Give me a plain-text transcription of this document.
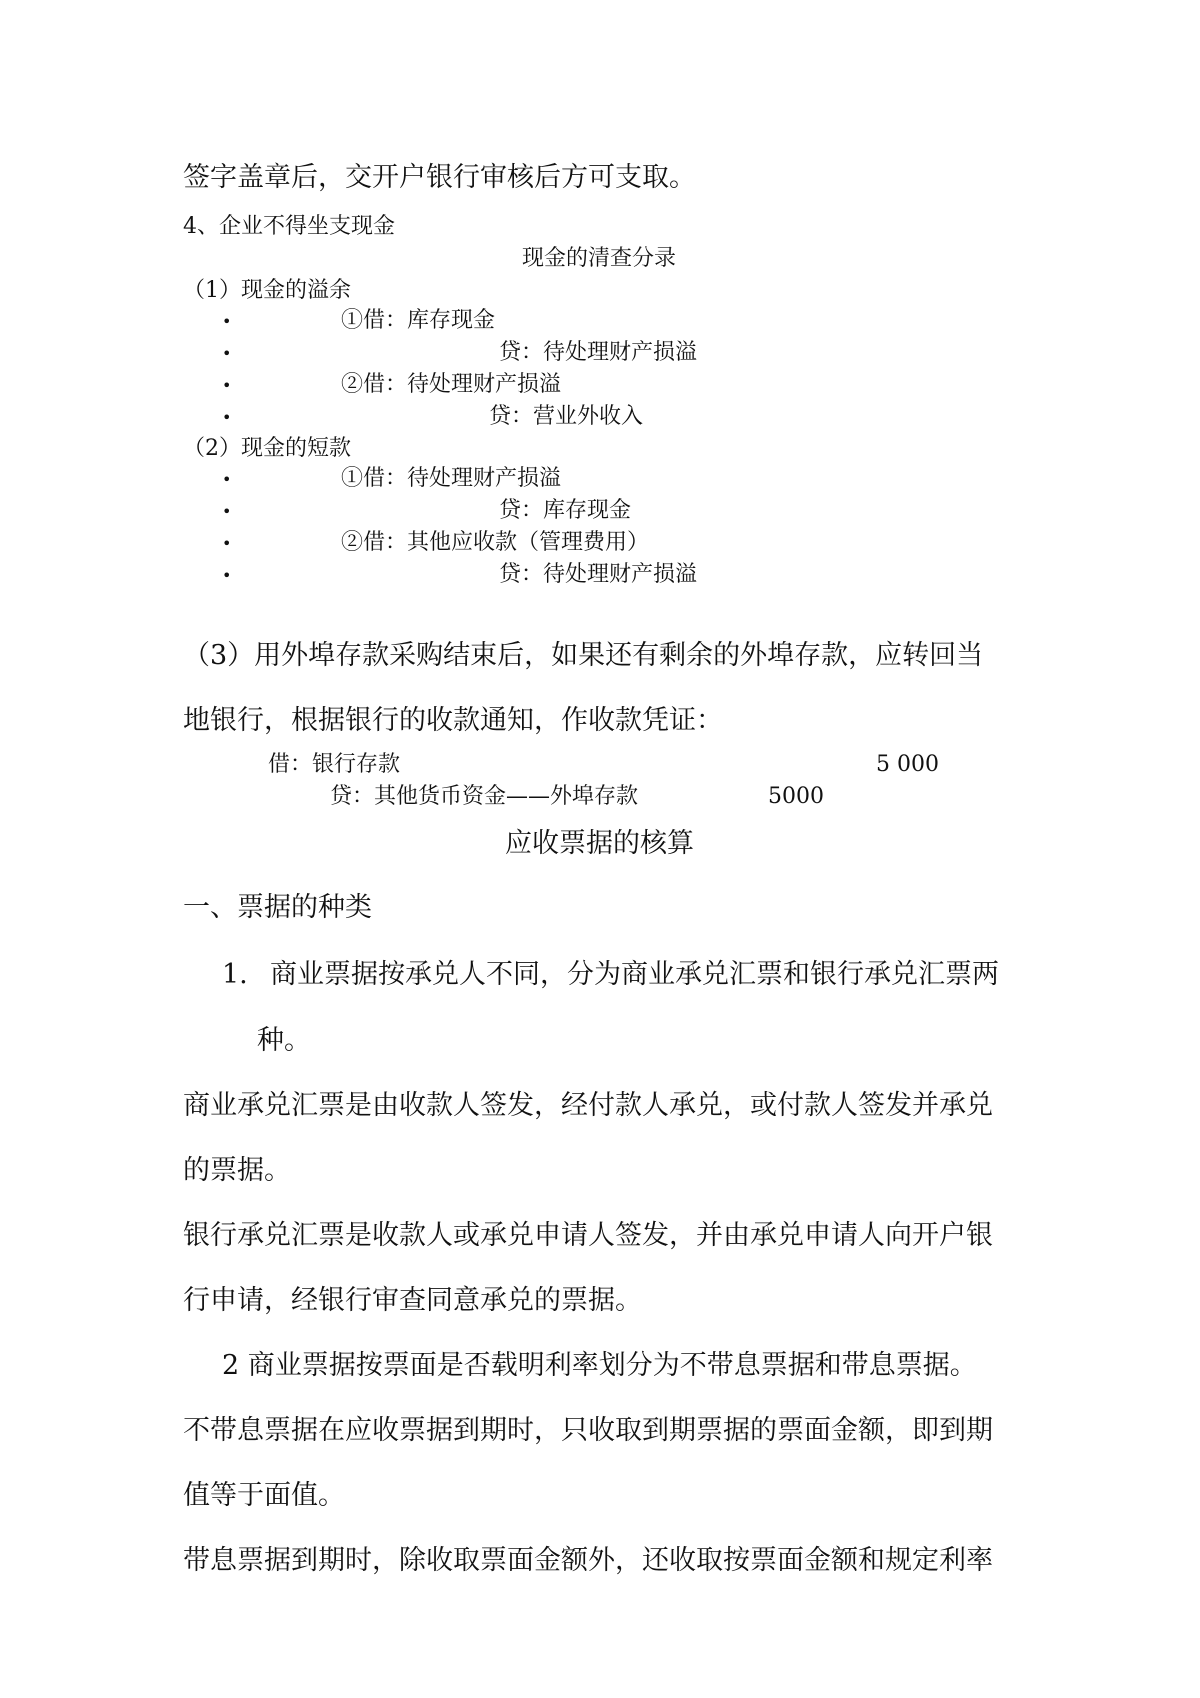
签字盖章后，交开户银行审核后方可支取。
4、企业不得坐支现金
现金的清查分录
（1）现金的溢余
•	①借：库存现金
•	贷：待处理财产损溢
•	②借：待处理财产损溢
•	贷：营业外收入
（2）现金的短款
•	①借：待处理财产损溢
•	贷：库存现金
•	②借：其他应收款（管理费用）
•	贷：待处理财产损溢
（3）用外埠存款采购结束后，如果还有剩余的外埠存款，应转回当
地银行，根据银行的收款通知，作收款凭证：
借：银行存款	5 000
贷：其他货币资金——外埠存款	5000
应收票据的核算
一、票据的种类
1. 商业票据按承兑人不同，分为商业承兑汇票和银行承兑汇票两
种。
商业承兑汇票是由收款人签发，经付款人承兑，或付款人签发并承兑
的票据。
银行承兑汇票是收款人或承兑申请人签发，并由承兑申请人向开户银
行申请，经银行审查同意承兑的票据。
2 商业票据按票面是否载明利率划分为不带息票据和带息票据。
不带息票据在应收票据到期时，只收取到期票据的票面金额，即到期
值等于面值。
带息票据到期时，除收取票面金额外，还收取按票面金额和规定利率
